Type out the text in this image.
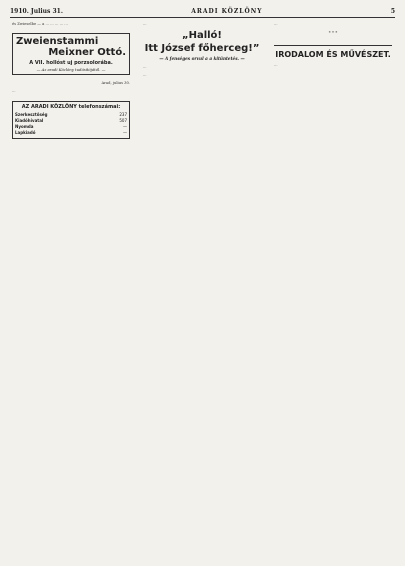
1910. Julius 31.	ARADI KÖZLÖNY	5

és Zwieselbe — a ... ... ... ... ...

Zweienstammi
Meixner Ottó.
A VII. hollóst uj porzsolorába.
— Az aradi Közlöny tudósítójától. —

Arad, julius 30.

...

AZ ARADI KÖZLÖNY telefonszámai:
Szerkesztőség	237
Kiadóhivatal	507
Nyomda	—
Lapkiadó	—

...

„Halló!
Itt József főherceg!”
— A fenséges orvul a a kitüntetés. —

...

...

...

* * *
IRODALOM ÉS MŰVÉSZET.

...
